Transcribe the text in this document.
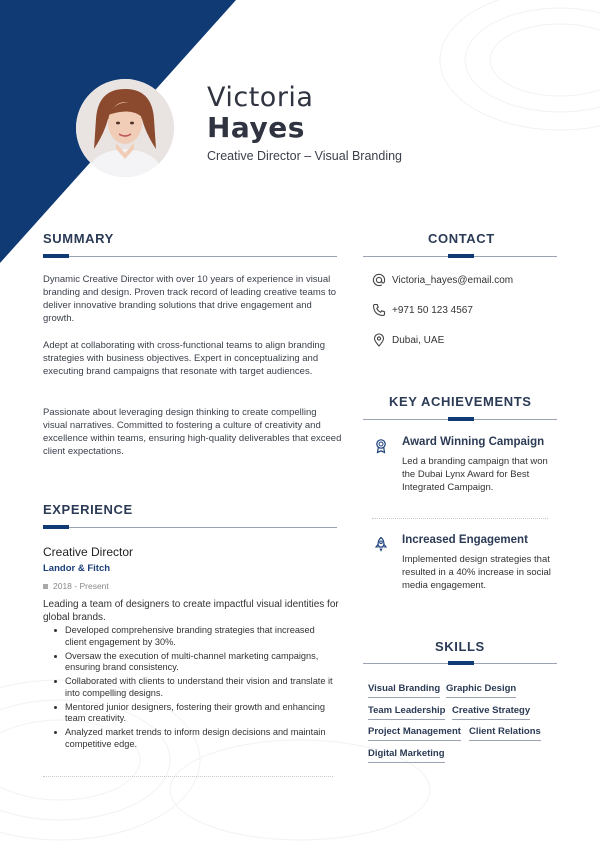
Victoria
Hayes
Creative Director – Visual Branding
SUMMARY
Dynamic Creative Director with over 10 years of experience in visual branding and design. Proven track record of leading creative teams to deliver innovative branding solutions that drive engagement and growth.
Adept at collaborating with cross-functional teams to align branding strategies with business objectives. Expert in conceptualizing and executing brand campaigns that resonate with target audiences.
Passionate about leveraging design thinking to create compelling visual narratives. Committed to fostering a culture of creativity and excellence within teams, ensuring high-quality deliverables that exceed client expectations.
CONTACT
Victoria_hayes@email.com
+971 50 123 4567
Dubai, UAE
KEY ACHIEVEMENTS
Award Winning Campaign
Led a branding campaign that won the Dubai Lynx Award for Best Integrated Campaign.
Increased Engagement
Implemented design strategies that resulted in a 40% increase in social media engagement.
EXPERIENCE
Creative Director
Landor & Fitch
2018 - Present
Leading a team of designers to create impactful visual identities for global brands.
Developed comprehensive branding strategies that increased client engagement by 30%.
Oversaw the execution of multi-channel marketing campaigns, ensuring brand consistency.
Collaborated with clients to understand their vision and translate it into compelling designs.
Mentored junior designers, fostering their growth and enhancing team creativity.
Analyzed market trends to inform design decisions and maintain competitive edge.
SKILLS
Visual Branding Graphic Design
Team Leadership Creative Strategy
Project Management Client Relations
Digital Marketing
